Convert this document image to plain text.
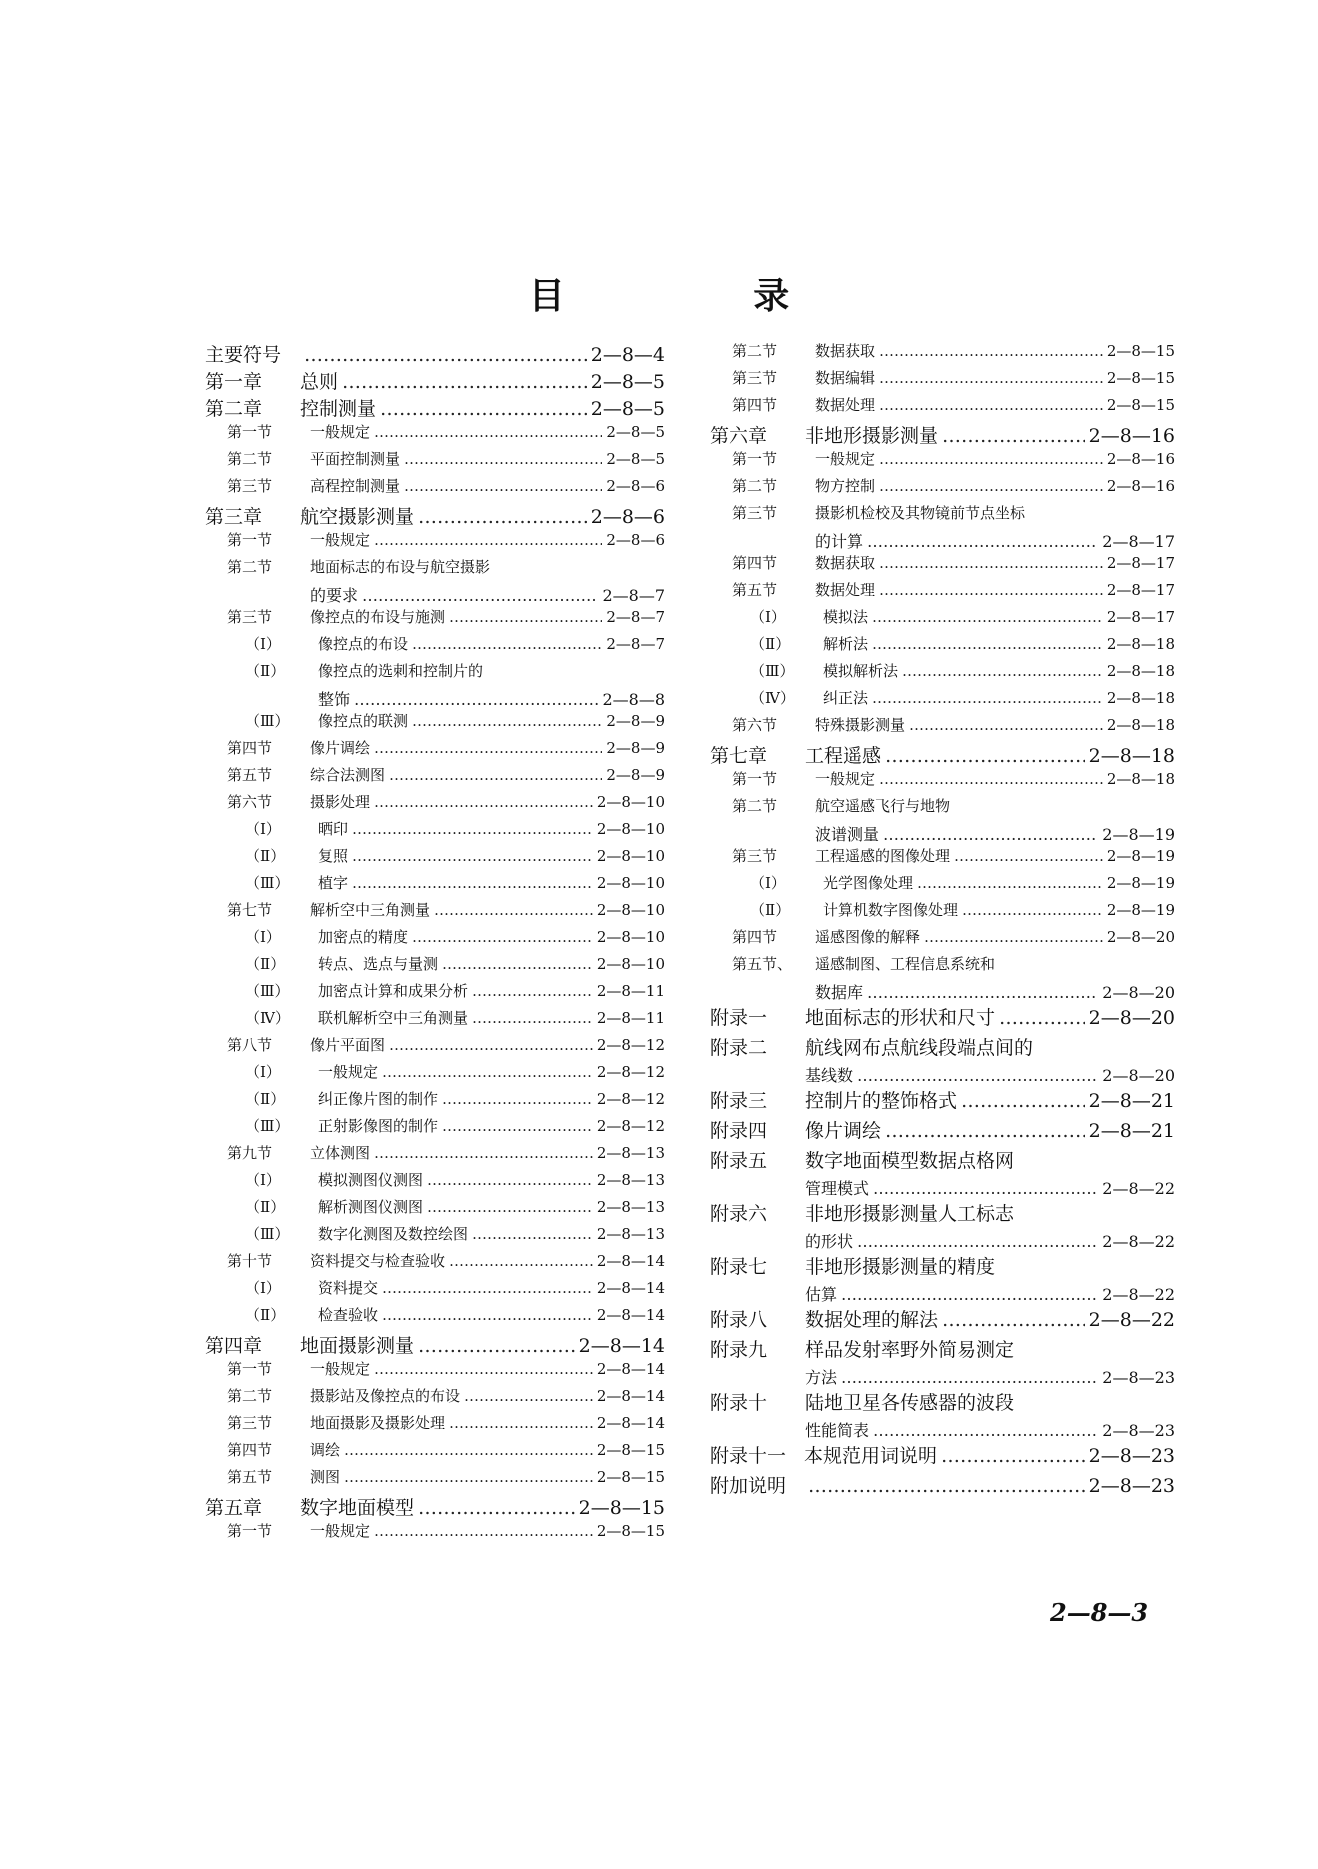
目 录
主要符号 …………………………………………………………………………………………………………………………………………………………………………………………	2—8—4
第一章	总则 …………………………………………………………………………………………………………………………………………………………………………………………	2—8—5
第二章	控制测量 …………………………………………………………………………………………………………………………………………………………………………………………	2—8—5
第一节	一般规定 …………………………………………………………………………………………………………………………………………………………………………………………	2—8—5
第二节	平面控制测量 …………………………………………………………………………………………………………………………………………………………………………………………	2—8—5
第三节	高程控制测量 …………………………………………………………………………………………………………………………………………………………………………………………	2—8—6
第三章	航空摄影测量 …………………………………………………………………………………………………………………………………………………………………………………………	2—8—6
第一节	一般规定 …………………………………………………………………………………………………………………………………………………………………………………………	2—8—6
第二节	地面标志的布设与航空摄影
的要求 …………………………………………………………………………………………………………………………………………………………………………………………	2—8—7
第三节	像控点的布设与施测 …………………………………………………………………………………………………………………………………………………………………………………………	2—8—7
（Ⅰ）	像控点的布设 …………………………………………………………………………………………………………………………………………………………………………………………	2—8—7
（Ⅱ）	像控点的选刺和控制片的
整饰 …………………………………………………………………………………………………………………………………………………………………………………………	2—8—8
（Ⅲ）	像控点的联测 …………………………………………………………………………………………………………………………………………………………………………………………	2—8—9
第四节	像片调绘 …………………………………………………………………………………………………………………………………………………………………………………………	2—8—9
第五节	综合法测图 …………………………………………………………………………………………………………………………………………………………………………………………	2—8—9
第六节	摄影处理 …………………………………………………………………………………………………………………………………………………………………………………………	2—8—10
（Ⅰ）	晒印 …………………………………………………………………………………………………………………………………………………………………………………………	2—8—10
（Ⅱ）	复照 …………………………………………………………………………………………………………………………………………………………………………………………	2—8—10
（Ⅲ）	植字 …………………………………………………………………………………………………………………………………………………………………………………………	2—8—10
第七节	解析空中三角测量 …………………………………………………………………………………………………………………………………………………………………………………………	2—8—10
（Ⅰ）	加密点的精度 …………………………………………………………………………………………………………………………………………………………………………………………	2—8—10
（Ⅱ）	转点、选点与量测 …………………………………………………………………………………………………………………………………………………………………………………………	2—8—10
（Ⅲ）	加密点计算和成果分析 …………………………………………………………………………………………………………………………………………………………………………………………	2—8—11
（Ⅳ）	联机解析空中三角测量 …………………………………………………………………………………………………………………………………………………………………………………………	2—8—11
第八节	像片平面图 …………………………………………………………………………………………………………………………………………………………………………………………	2—8—12
（Ⅰ）	一般规定 …………………………………………………………………………………………………………………………………………………………………………………………	2—8—12
（Ⅱ）	纠正像片图的制作 …………………………………………………………………………………………………………………………………………………………………………………………	2—8—12
（Ⅲ）	正射影像图的制作 …………………………………………………………………………………………………………………………………………………………………………………………	2—8—12
第九节	立体测图 …………………………………………………………………………………………………………………………………………………………………………………………	2—8—13
（Ⅰ）	模拟测图仪测图 …………………………………………………………………………………………………………………………………………………………………………………………	2—8—13
（Ⅱ）	解析测图仪测图 …………………………………………………………………………………………………………………………………………………………………………………………	2—8—13
（Ⅲ）	数字化测图及数控绘图 …………………………………………………………………………………………………………………………………………………………………………………………	2—8—13
第十节	资料提交与检查验收 …………………………………………………………………………………………………………………………………………………………………………………………	2—8—14
（Ⅰ）	资料提交 …………………………………………………………………………………………………………………………………………………………………………………………	2—8—14
（Ⅱ）	检查验收 …………………………………………………………………………………………………………………………………………………………………………………………	2—8—14
第四章	地面摄影测量 …………………………………………………………………………………………………………………………………………………………………………………………	2—8—14
第一节	一般规定 …………………………………………………………………………………………………………………………………………………………………………………………	2—8—14
第二节	摄影站及像控点的布设 …………………………………………………………………………………………………………………………………………………………………………………………	2—8—14
第三节	地面摄影及摄影处理 …………………………………………………………………………………………………………………………………………………………………………………………	2—8—14
第四节	调绘 …………………………………………………………………………………………………………………………………………………………………………………………	2—8—15
第五节	测图 …………………………………………………………………………………………………………………………………………………………………………………………	2—8—15
第五章	数字地面模型 …………………………………………………………………………………………………………………………………………………………………………………………	2—8—15
第一节	一般规定 …………………………………………………………………………………………………………………………………………………………………………………………	2—8—15
第二节	数据获取 …………………………………………………………………………………………………………………………………………………………………………………………	2—8—15
第三节	数据编辑 …………………………………………………………………………………………………………………………………………………………………………………………	2—8—15
第四节	数据处理 …………………………………………………………………………………………………………………………………………………………………………………………	2—8—15
第六章	非地形摄影测量 …………………………………………………………………………………………………………………………………………………………………………………………	2—8—16
第一节	一般规定 …………………………………………………………………………………………………………………………………………………………………………………………	2—8—16
第二节	物方控制 …………………………………………………………………………………………………………………………………………………………………………………………	2—8—16
第三节	摄影机检校及其物镜前节点坐标
的计算 …………………………………………………………………………………………………………………………………………………………………………………………	2—8—17
第四节	数据获取 …………………………………………………………………………………………………………………………………………………………………………………………	2—8—17
第五节	数据处理 …………………………………………………………………………………………………………………………………………………………………………………………	2—8—17
（Ⅰ）	模拟法 …………………………………………………………………………………………………………………………………………………………………………………………	2—8—17
（Ⅱ）	解析法 …………………………………………………………………………………………………………………………………………………………………………………………	2—8—18
（Ⅲ）	模拟解析法 …………………………………………………………………………………………………………………………………………………………………………………………	2—8—18
（Ⅳ）	纠正法 …………………………………………………………………………………………………………………………………………………………………………………………	2—8—18
第六节	特殊摄影测量 …………………………………………………………………………………………………………………………………………………………………………………………	2—8—18
第七章	工程遥感 …………………………………………………………………………………………………………………………………………………………………………………………	2—8—18
第一节	一般规定 …………………………………………………………………………………………………………………………………………………………………………………………	2—8—18
第二节	航空遥感飞行与地物
波谱测量 …………………………………………………………………………………………………………………………………………………………………………………………	2—8—19
第三节	工程遥感的图像处理 …………………………………………………………………………………………………………………………………………………………………………………………	2—8—19
（Ⅰ）	光学图像处理 …………………………………………………………………………………………………………………………………………………………………………………………	2—8—19
（Ⅱ）	计算机数字图像处理 …………………………………………………………………………………………………………………………………………………………………………………………	2—8—19
第四节	遥感图像的解释 …………………………………………………………………………………………………………………………………………………………………………………………	2—8—20
第五节、	遥感制图、工程信息系统和
数据库 …………………………………………………………………………………………………………………………………………………………………………………………	2—8—20
附录一	地面标志的形状和尺寸 …………………………………………………………………………………………………………………………………………………………………………………………	2—8—20
附录二	航线网布点航线段端点间的
基线数 …………………………………………………………………………………………………………………………………………………………………………………………	2—8—20
附录三	控制片的整饰格式 …………………………………………………………………………………………………………………………………………………………………………………………	2—8—21
附录四	像片调绘 …………………………………………………………………………………………………………………………………………………………………………………………	2—8—21
附录五	数字地面模型数据点格网
管理模式 …………………………………………………………………………………………………………………………………………………………………………………………	2—8—22
附录六	非地形摄影测量人工标志
的形状 …………………………………………………………………………………………………………………………………………………………………………………………	2—8—22
附录七	非地形摄影测量的精度
估算 …………………………………………………………………………………………………………………………………………………………………………………………	2—8—22
附录八	数据处理的解法 …………………………………………………………………………………………………………………………………………………………………………………………	2—8—22
附录九	样品发射率野外简易测定
方法 …………………………………………………………………………………………………………………………………………………………………………………………	2—8—23
附录十	陆地卫星各传感器的波段
性能简表 …………………………………………………………………………………………………………………………………………………………………………………………	2—8—23
附录十一 本规范用词说明 …………………………………………………………………………………………………………………………………………………………………………………………	2—8—23
附加说明 …………………………………………………………………………………………………………………………………………………………………………………………	2—8—23
2—8—3
